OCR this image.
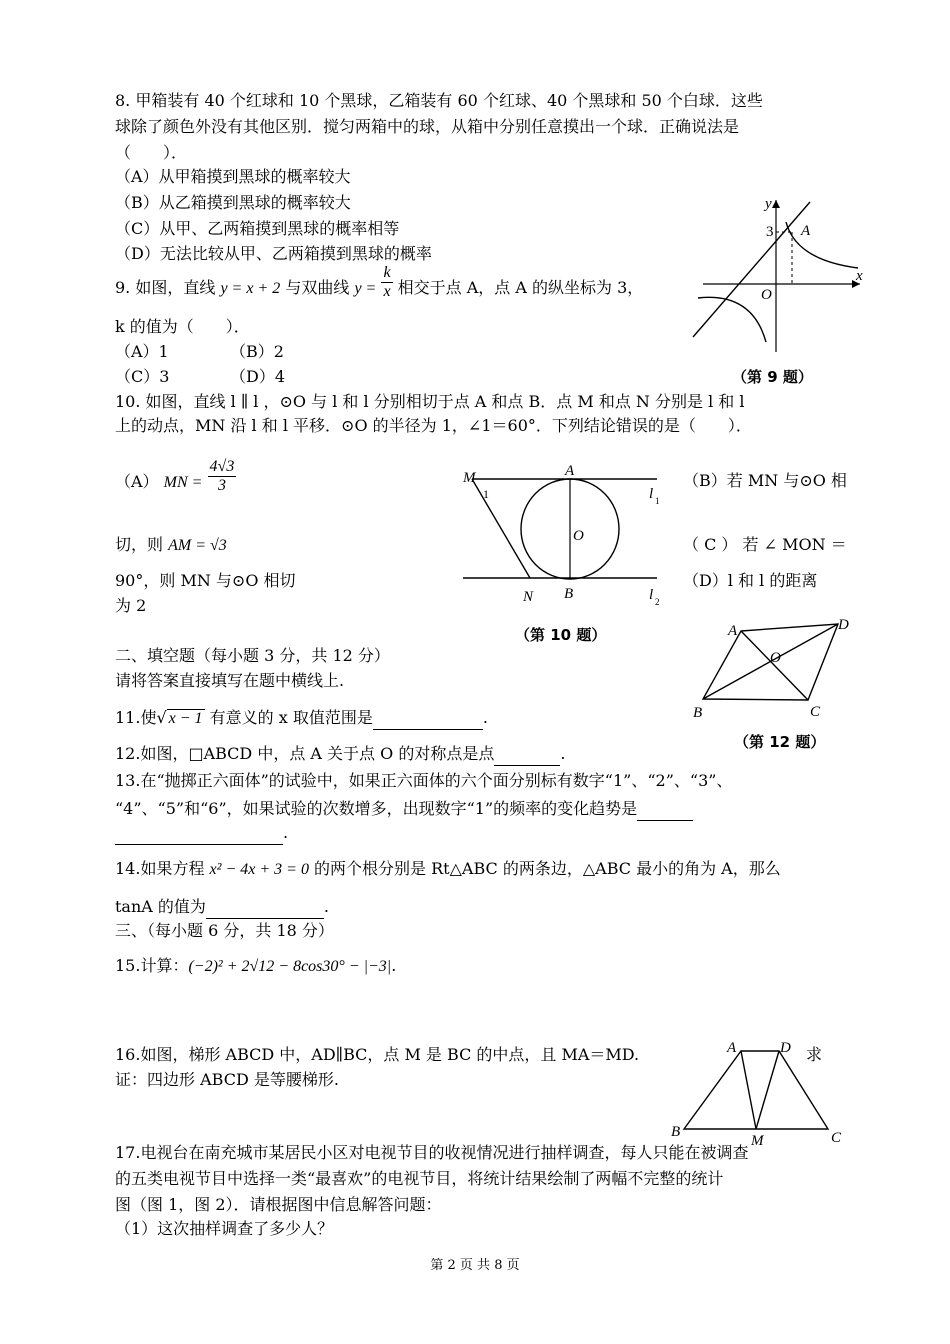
8. 甲箱装有 40 个红球和 10 个黑球，乙箱装有 60 个红球、40 个黑球和 50 个白球．这些
球除了颜色外没有其他区别．搅匀两箱中的球，从箱中分别任意摸出一个球．正确说法是
（　　）．
（A）从甲箱摸到黑球的概率较大
（B）从乙箱摸到黑球的概率较大
（C）从甲、乙两箱摸到黑球的概率相等
（D）无法比较从甲、乙两箱摸到黑球的概率
9. 如图，直线 y = x + 2 与双曲线 $y = \frac{k}{x}$ 相交于点 A，点 A 的纵坐标为 3，
k 的值为（　　）．
（A）1	（B）2
（C）3	（D）4
y
x
O
A
3
（第 9 题）
10. 如图，直线 l ∥ l ，⊙O 与 l 和 l 分别相切于点 A 和点 B．点 M 和点 N 分别是 l 和 l
上的动点，MN 沿 l 和 l 平移．⊙O 的半径为 1，∠1＝60°．下列结论错误的是（　　）．
（A） MN = $\frac{4√3}{3}$
切，则 AM = √3
90°，则 MN 与⊙O 相切
为 2
（B）若 MN 与⊙O 相
（ C ） 若 ∠ MON ＝
（D）l 和 l 的距离
M	A
1	l 1
O
N B	l 2
（第 10 题）
二、填空题（每小题 3 分，共 12 分）
请将答案直接填写在题中横线上.
11.使√ x − 1 有意义的 x 取值范围是	.
12.如图，□ABCD 中，点 A 关于点 O 的对称点是点	.
A	D
O
B	C
（第 12 题）
13.在“抛掷正六面体”的试验中，如果正六面体的六个面分别标有数字“1”、“2”、“3”、
“4”、“5”和“6”，如果试验的次数增多，出现数字“1”的频率的变化趋势是
.
14.如果方程 x² − 4x + 3 = 0 的两个根分别是 Rt△ABC 的两条边，△ABC 最小的角为 A，那么
tanA 的值为	.
三、（每小题 6 分，共 18 分）
15.计算：(−2)² + 2√12 − 8cos30° − |−3|.
16.如图，梯形 ABCD 中，AD∥BC，点 M 是 BC 的中点，且 MA＝MD.	求
证：四边形 ABCD 是等腰梯形.
A	D
B
M	C
17.电视台在南充城市某居民小区对电视节目的收视情况进行抽样调查，每人只能在被调查
的五类电视节目中选择一类“最喜欢”的电视节目，将统计结果绘制了两幅不完整的统计
图（图 1，图 2）．请根据图中信息解答问题：
（1）这次抽样调查了多少人？
第 2 页 共 8 页
